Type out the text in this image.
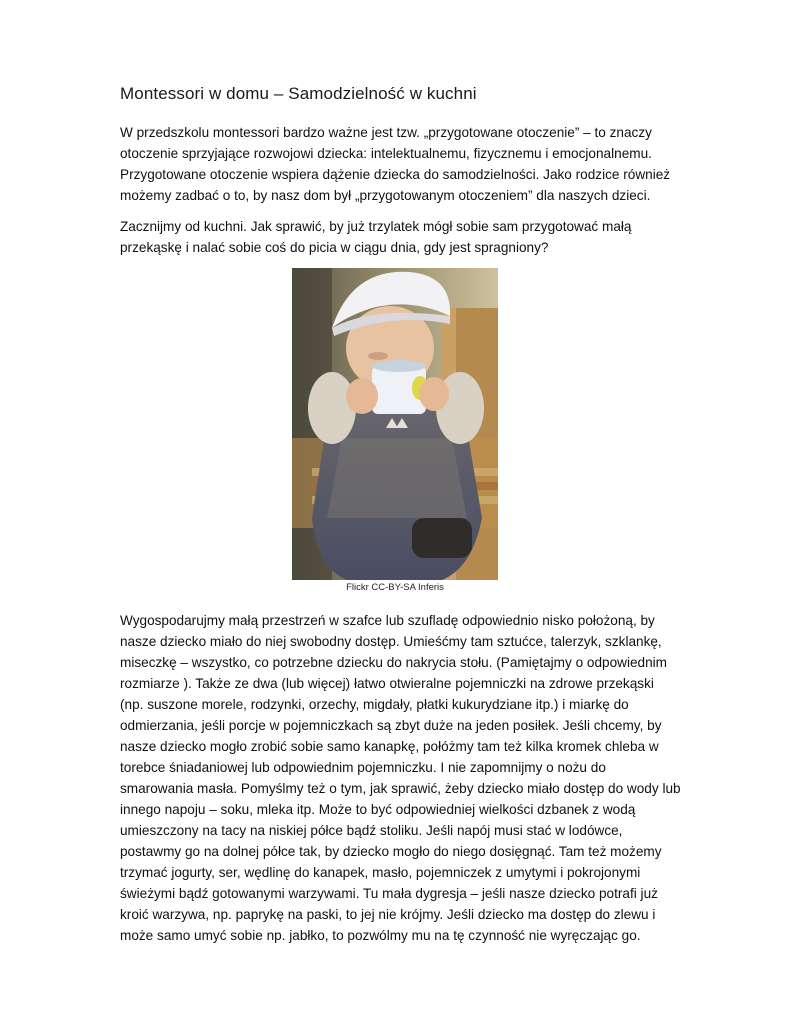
Montessori w domu – Samodzielność w kuchni
W przedszkolu montessori bardzo ważne jest tzw. „przygotowane otoczenie” – to znaczy
otoczenie sprzyjające rozwojowi dziecka: intelektualnemu, fizycznemu i emocjonalnemu.
Przygotowane otoczenie wspiera dążenie dziecka do samodzielności. Jako rodzice również
możemy zadbać o to, by nasz dom był „przygotowanym otoczeniem” dla naszych dzieci.
Zacznijmy od kuchni. Jak sprawić, by już trzylatek mógł sobie sam przygotować małą
przekąskę i nalać sobie coś do picia w ciągu dnia, gdy jest spragniony?
Flickr CC-BY-SA Inferis
Wygospodarujmy małą przestrzeń w szafce lub szufladę odpowiednio nisko położoną, by
nasze dziecko miało do niej swobodny dostęp. Umieśćmy tam sztućce, talerzyk, szklankę,
miseczkę – wszystko, co potrzebne dziecku do nakrycia stołu. (Pamiętajmy o odpowiednim
rozmiarze ). Także ze dwa (lub więcej) łatwo otwieralne pojemniczki na zdrowe przekąski
(np. suszone morele, rodzynki, orzechy, migdały, płatki kukurydziane itp.) i miarkę do
odmierzania, jeśli porcje w pojemniczkach są zbyt duże na jeden posiłek. Jeśli chcemy, by
nasze dziecko mogło zrobić sobie samo kanapkę, połóżmy tam też kilka kromek chleba w
torebce śniadaniowej lub odpowiednim pojemniczku. I nie zapomnijmy o nożu do
smarowania masła. Pomyślmy też o tym, jak sprawić, żeby dziecko miało dostęp do wody lub
innego napoju – soku, mleka itp. Może to być odpowiedniej wielkości dzbanek z wodą
umieszczony na tacy na niskiej półce bądź stoliku. Jeśli napój musi stać w lodówce,
postawmy go na dolnej półce tak, by dziecko mogło do niego dosięgnąć. Tam też możemy
trzymać jogurty, ser, wędlinę do kanapek, masło, pojemniczek z umytymi i pokrojonymi
świeżymi bądź gotowanymi warzywami. Tu mała dygresja – jeśli nasze dziecko potrafi już
kroić warzywa, np. paprykę na paski, to jej nie krójmy. Jeśli dziecko ma dostęp do zlewu i
może samo umyć sobie np. jabłko, to pozwólmy mu na tę czynność nie wyręczając go.
